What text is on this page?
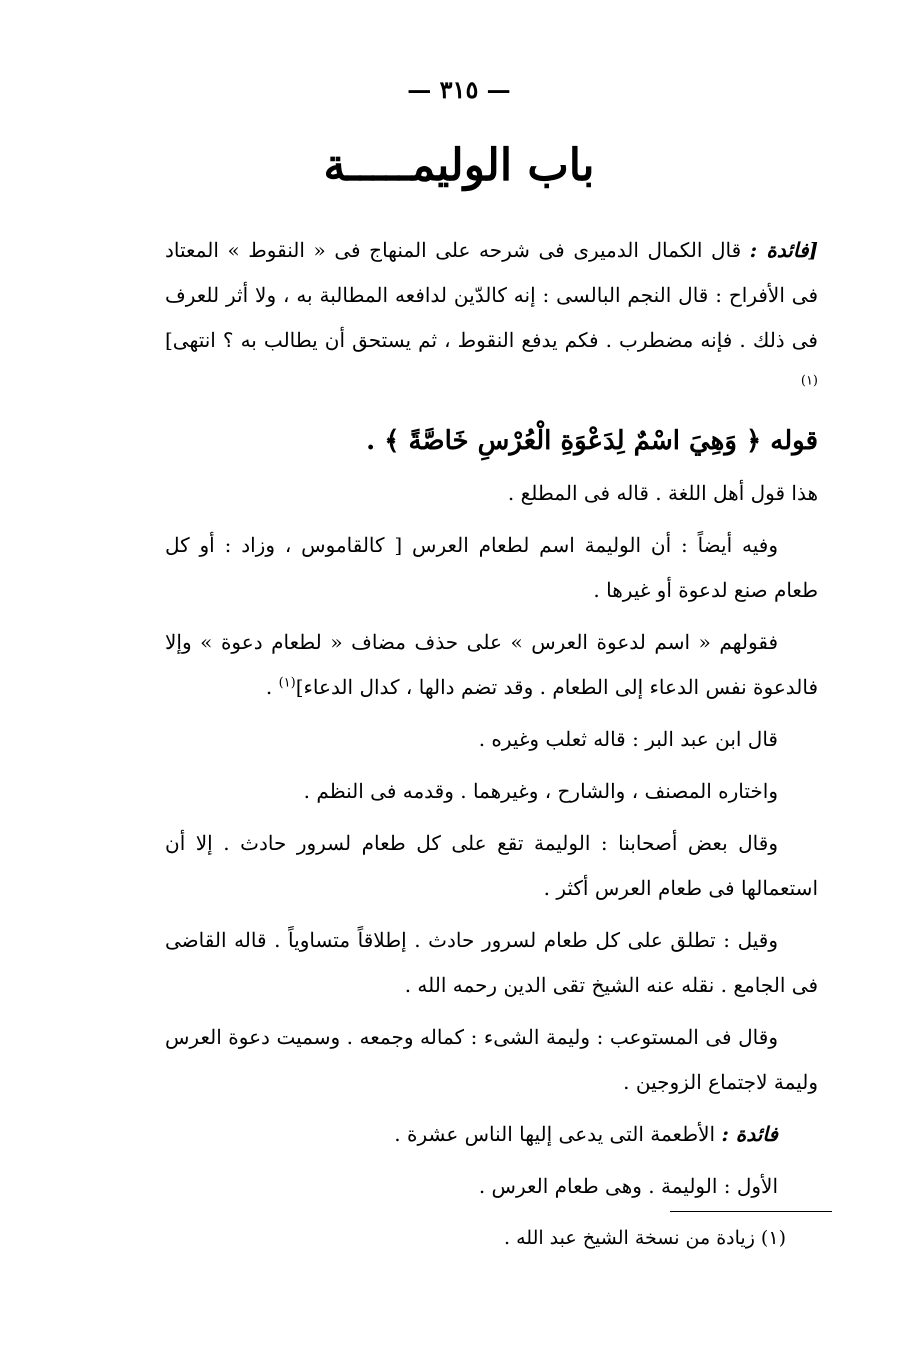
— ٣١٥ —
باب الوليمـــــة

[فائدة : قال الكمال الدميرى فى شرحه على المنهاج فى « النقوط » المعتاد فى الأفراح : قال النجم البالسى : إنه كالدّين لدافعه المطالبة به ، ولا أثر للعرف فى ذلك . فإنه مضطرب . فكم يدفع النقوط ، ثم يستحق أن يطالب به ؟ انتهى]$^{(١)}$

قوله ﴿ وَهِيَ اسْمٌ لِدَعْوَةِ الْعُرْسِ خَاصَّةً ﴾ .

هذا قول أهل اللغة . قاله فى المطلع .

وفيه أيضاً : أن الوليمة اسم لطعام العرس [ كالقاموس ، وزاد : أو كل طعام صنع لدعوة أو غيرها .

فقولهم « اسم لدعوة العرس » على حذف مضاف « لطعام دعوة » وإلا فالدعوة نفس الدعاء إلى الطعام . وقد تضم دالها ، كدال الدعاء]$^{(١)}$ .

قال ابن عبد البر : قاله ثعلب وغيره .

واختاره المصنف ، والشارح ، وغيرهما . وقدمه فى النظم .

وقال بعض أصحابنا : الوليمة تقع على كل طعام لسرور حادث . إلا أن استعمالها فى طعام العرس أكثر .

وقيل : تطلق على كل طعام لسرور حادث . إطلاقاً متساوياً . قاله القاضى فى الجامع . نقله عنه الشيخ تقى الدين رحمه الله .

وقال فى المستوعب : وليمة الشىء : كماله وجمعه . وسميت دعوة العرس وليمة لاجتماع الزوجين .

فائدة : الأطعمة التى يدعى إليها الناس عشرة .

الأول : الوليمة . وهى طعام العرس .

(١) زيادة من نسخة الشيخ عبد الله .
